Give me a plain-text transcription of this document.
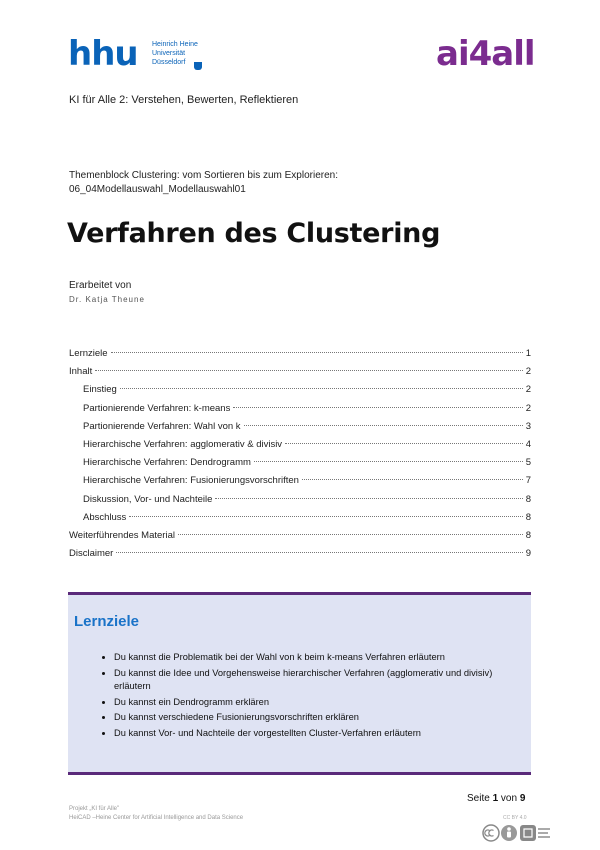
hhu Heinrich Heine
Universität
Düsseldorf	ai4all
KI für Alle 2: Verstehen, Bewerten, Reflektieren
Themenblock Clustering: vom Sortieren bis zum Explorieren:
06_04Modellauswahl_Modellauswahl01
Verfahren des Clustering
Erarbeitet von
Dr. Katja Theune
Lernziele	1
Inhalt	2
Einstieg	2
Partionierende Verfahren: k-means	2
Partionierende Verfahren: Wahl von k	3
Hierarchische Verfahren: agglomerativ & divisiv	4
Hierarchische Verfahren: Dendrogramm	5
Hierarchische Verfahren: Fusionierungsvorschriften	7
Diskussion, Vor- und Nachteile	8
Abschluss	8
Weiterführendes Material	8
Disclaimer	9
Lernziele
• Du kannst die Problematik bei der Wahl von k beim k-means Verfahren erläutern
• Du kannst die Idee und Vorgehensweise hierarchischer Verfahren (agglomerativ und divisiv) erläutern
• Du kannst ein Dendrogramm erklären
• Du kannst verschiedene Fusionierungsvorschriften erklären
• Du kannst Vor- und Nachteile der vorgestellten Cluster-Verfahren erläutern
Seite 1 von 9
Projekt „KI für Alle"
HeiCAD –Heine Center for Artificial Intelligence and Data Science	CC BY 4.0
